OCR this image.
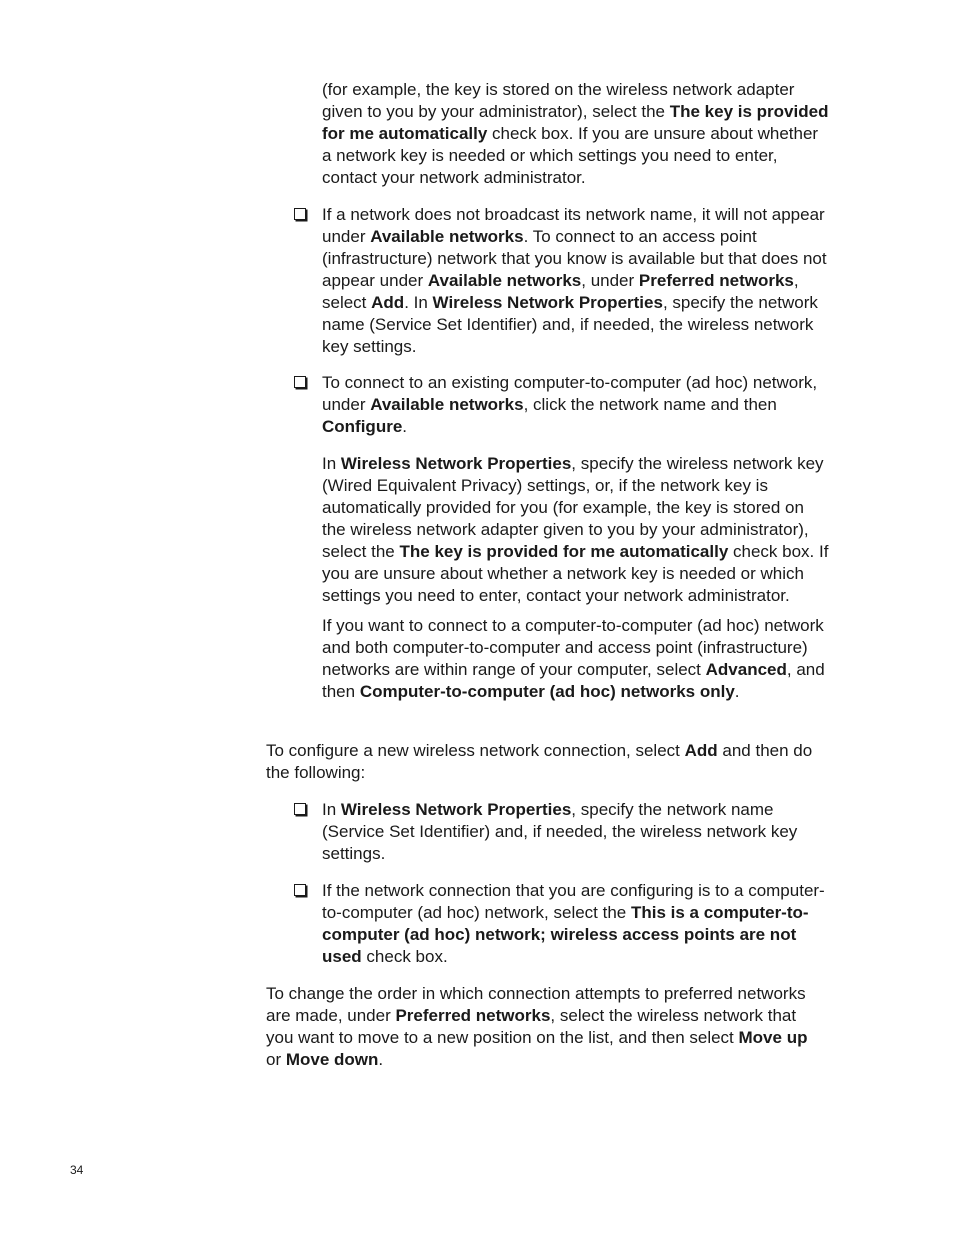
(for example, the key is stored on the wireless network adapter given to you by your administrator), select the The key is provided for me automatically check box. If you are unsure about whether a network key is needed or which settings you need to enter, contact your network administrator.

If a network does not broadcast its network name, it will not appear under Available networks. To connect to an access point (infrastructure) network that you know is available but that does not appear under Available networks, under Preferred networks, select Add. In Wireless Network Properties, specify the network name (Service Set Identifier) and, if needed, the wireless network key settings.

To connect to an existing computer-to-computer (ad hoc) network, under Available networks, click the network name and then Configure.

In Wireless Network Properties, specify the wireless network key (Wired Equivalent Privacy) settings, or, if the network key is automatically provided for you (for example, the key is stored on the wireless network adapter given to you by your administrator), select the The key is provided for me automatically check box. If you are unsure about whether a network key is needed or which settings you need to enter, contact your network administrator.

If you want to connect to a computer-to-computer (ad hoc) network and both computer-to-computer and access point (infrastructure) networks are within range of your computer, select Advanced, and then Computer-to-computer (ad hoc) networks only.

To configure a new wireless network connection, select Add and then do the following:

In Wireless Network Properties, specify the network name (Service Set Identifier) and, if needed, the wireless network key settings.

If the network connection that you are configuring is to a computer-to-computer (ad hoc) network, select the This is a computer-to-computer (ad hoc) network; wireless access points are not used check box.

To change the order in which connection attempts to preferred networks are made, under Preferred networks, select the wireless network that you want to move to a new position on the list, and then select Move up or Move down.

34
